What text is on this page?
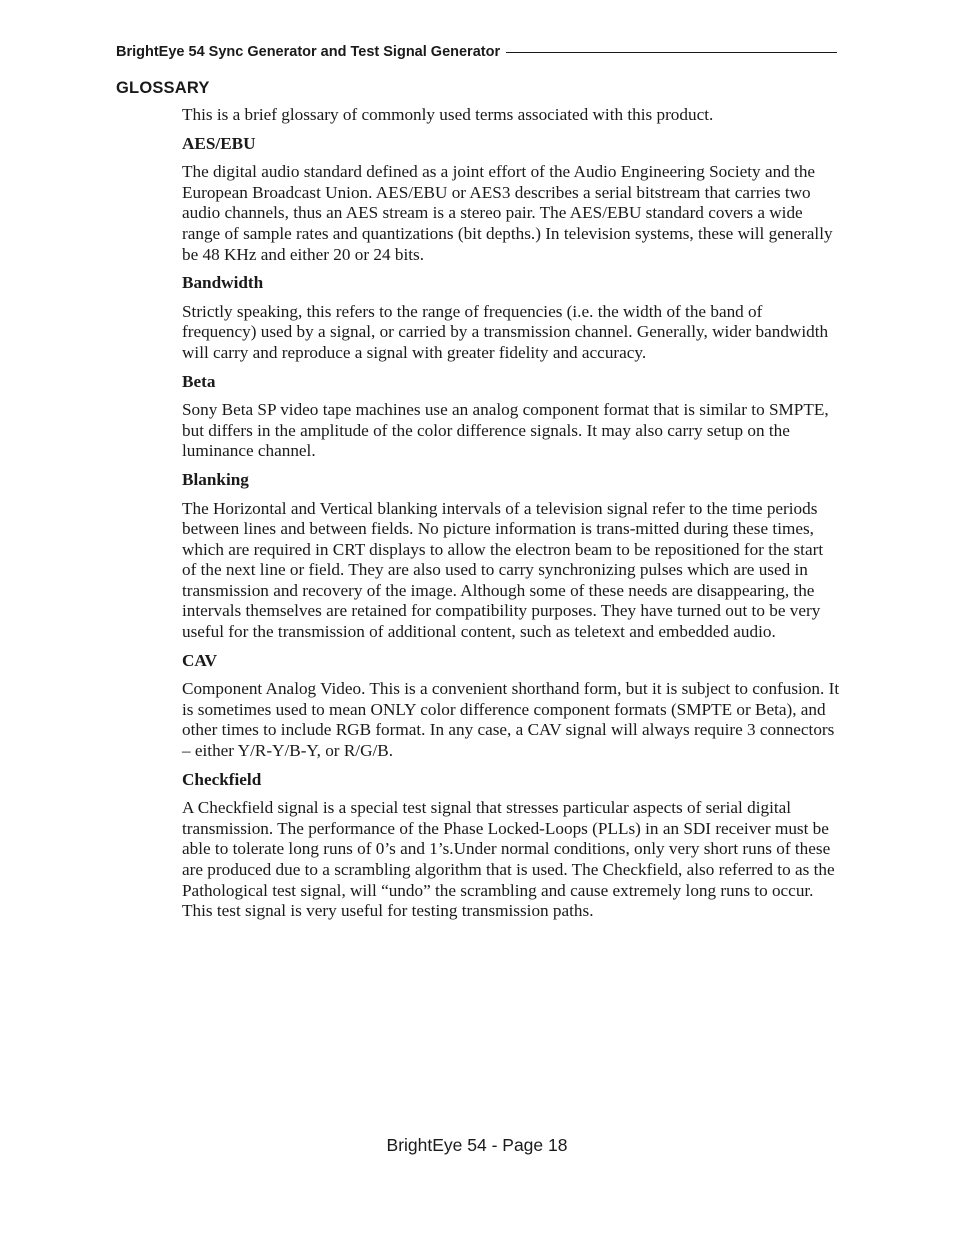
BrightEye 54 Sync Generator and Test Signal Generator
GLOSSARY

This is a brief glossary of commonly used terms associated with this product.

AES/EBU

The digital audio standard defined as a joint effort of the Audio Engineering Society and the European Broadcast Union. AES/EBU or AES3 describes a serial bitstream that carries two audio channels, thus an AES stream is a stereo pair. The AES/EBU standard covers a wide range of sample rates and quantizations (bit depths.) In television systems, these will generally be 48 KHz and either 20 or 24 bits.

Bandwidth

Strictly speaking, this refers to the range of frequencies (i.e. the width of the band of frequency) used by a signal, or carried by a transmission channel. Generally, wider bandwidth will carry and reproduce a signal with greater fidelity and accuracy.

Beta

Sony Beta SP video tape machines use an analog component format that is similar to SMPTE, but differs in the amplitude of the color difference signals. It may also carry setup on the luminance channel.

Blanking

The Horizontal and Vertical blanking intervals of a television signal refer to the time periods between lines and between fields. No picture information is trans-mitted during these times, which are required in CRT displays to allow the electron beam to be repositioned for the start of the next line or field. They are also used to carry synchronizing pulses which are used in transmission and recovery of the image. Although some of these needs are disappearing, the intervals themselves are retained for compatibility purposes. They have turned out to be very useful for the transmission of additional content, such as teletext and embedded audio.

CAV

Component Analog Video. This is a convenient shorthand form, but it is subject to confusion. It is sometimes used to mean ONLY color difference component formats (SMPTE or Beta), and other times to include RGB format. In any case, a CAV signal will always require 3 connectors – either Y/R-Y/B-Y, or R/G/B.

Checkfield

A Checkfield signal is a special test signal that stresses particular aspects of serial digital transmission. The performance of the Phase Locked-Loops (PLLs) in an SDI receiver must be able to tolerate long runs of 0’s and 1’s.Under normal conditions, only very short runs of these are produced due to a scrambling algorithm that is used. The Checkfield, also referred to as the Pathological test signal, will “undo” the scrambling and cause extremely long runs to occur. This test signal is very useful for testing transmission paths.

BrightEye 54 - Page 18
